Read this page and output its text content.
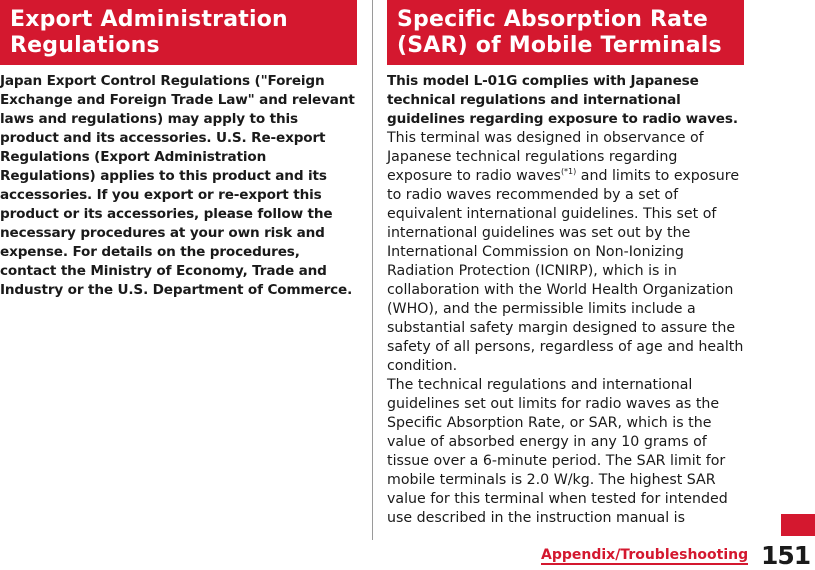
Export Administration
Regulations
Specific Absorption Rate
(SAR) of Mobile Terminals

Japan Export Control Regulations ("Foreign Exchange and Foreign Trade Law" and relevant laws and regulations) may apply to this product and its accessories. U.S. Re-export Regulations (Export Administration Regulations) applies to this product and its accessories. If you export or re-export this product or its accessories, please follow the necessary procedures at your own risk and expense. For details on the procedures, contact the Ministry of Economy, Trade and Industry or the U.S. Department of Commerce.

This model L-01G complies with Japanese technical regulations and international guidelines regarding exposure to radio waves.

This terminal was designed in observance of Japanese technical regulations regarding exposure to radio waves$^{(*1)}$ and limits to exposure to radio waves recommended by a set of equivalent international guidelines. This set of international guidelines was set out by the International Commission on Non-Ionizing Radiation Protection (ICNIRP), which is in collaboration with the World Health Organization (WHO), and the permissible limits include a substantial safety margin designed to assure the safety of all persons, regardless of age and health condition.

The technical regulations and international guidelines set out limits for radio waves as the Specific Absorption Rate, or SAR, which is the value of absorbed energy in any 10 grams of tissue over a 6-minute period. The SAR limit for mobile terminals is 2.0 W/kg. The highest SAR value for this terminal when tested for intended use described in the instruction manual is

Appendix/Troubleshooting 151
